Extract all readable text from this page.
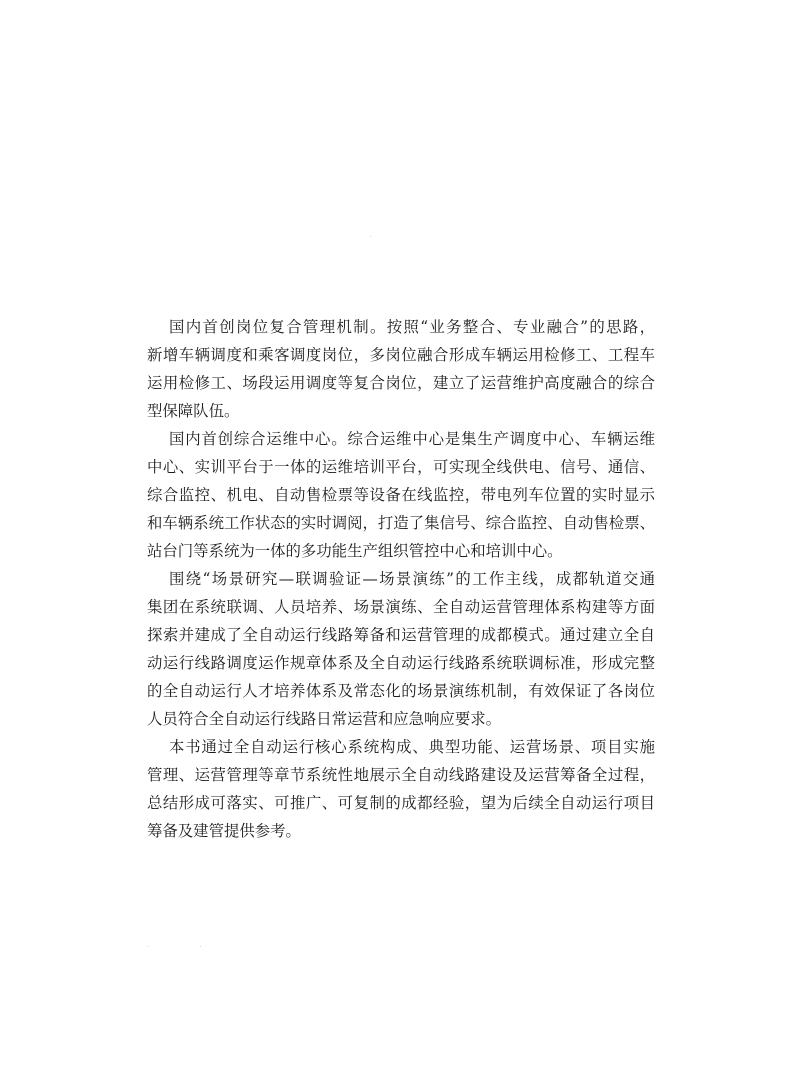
国内首创岗位复合管理机制。按照“业务整合、专业融合”的思路，
新增车辆调度和乘客调度岗位，多岗位融合形成车辆运用检修工、工程车
运用检修工、场段运用调度等复合岗位，建立了运营维护高度融合的综合
型保障队伍。
国内首创综合运维中心。综合运维中心是集生产调度中心、车辆运维
中心、实训平台于一体的运维培训平台，可实现全线供电、信号、通信、
综合监控、机电、自动售检票等设备在线监控，带电列车位置的实时显示
和车辆系统工作状态的实时调阅，打造了集信号、综合监控、自动售检票、
站台门等系统为一体的多功能生产组织管控中心和培训中心。
围绕“场景研究—联调验证—场景演练”的工作主线，成都轨道交通
集团在系统联调、人员培养、场景演练、全自动运营管理体系构建等方面
探索并建成了全自动运行线路筹备和运营管理的成都模式。通过建立全自
动运行线路调度运作规章体系及全自动运行线路系统联调标准，形成完整
的全自动运行人才培养体系及常态化的场景演练机制，有效保证了各岗位
人员符合全自动运行线路日常运营和应急响应要求。
本书通过全自动运行核心系统构成、典型功能、运营场景、项目实施
管理、运营管理等章节系统性地展示全自动线路建设及运营筹备全过程，
总结形成可落实、可推广、可复制的成都经验，望为后续全自动运行项目
筹备及建管提供参考。
